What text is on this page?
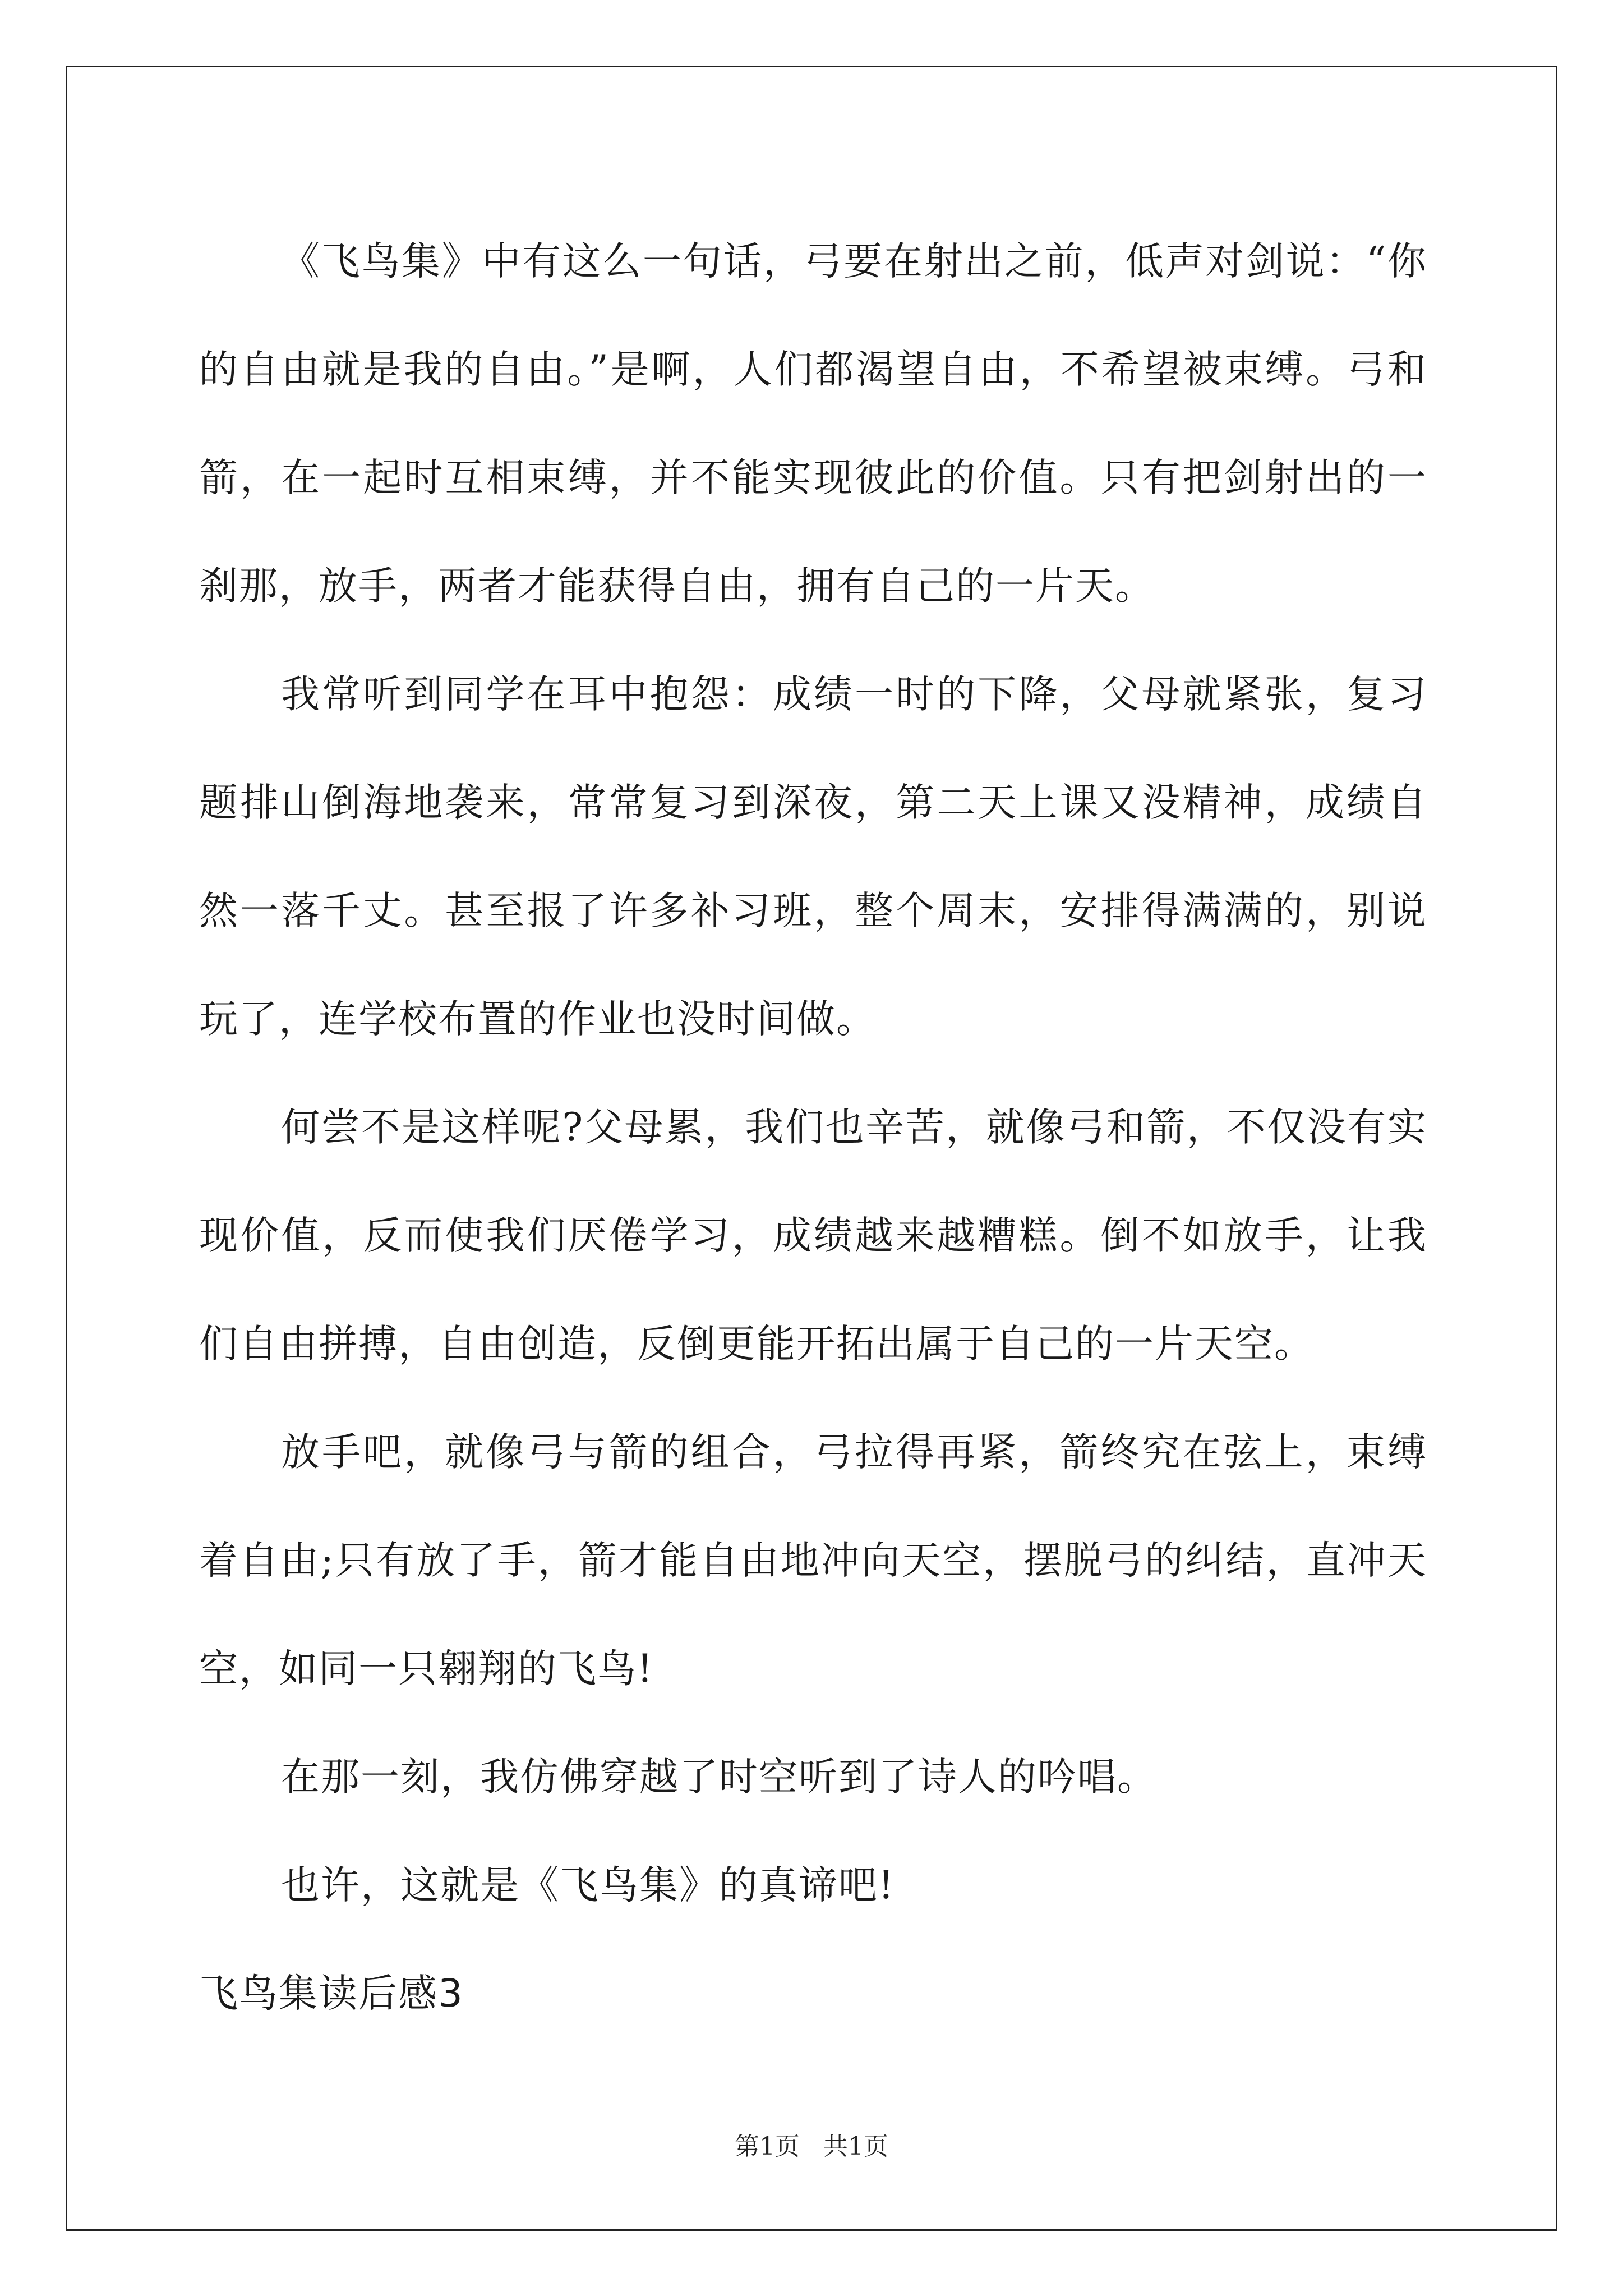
《飞鸟集》中有这么一句话，弓要在射出之前，低声对剑说：“你的自由就是我的自由。”是啊，人们都渴望自由，不希望被束缚。弓和箭，在一起时互相束缚，并不能实现彼此的价值。只有把剑射出的一刹那，放手，两者才能获得自由，拥有自己的一片天。

我常听到同学在耳中抱怨：成绩一时的下降，父母就紧张，复习题排山倒海地袭来，常常复习到深夜，第二天上课又没精神，成绩自然一落千丈。甚至报了许多补习班，整个周末，安排得满满的，别说玩了，连学校布置的作业也没时间做。

何尝不是这样呢?父母累，我们也辛苦，就像弓和箭，不仅没有实现价值，反而使我们厌倦学习，成绩越来越糟糕。倒不如放手，让我们自由拼搏，自由创造，反倒更能开拓出属于自己的一片天空。

放手吧，就像弓与箭的组合，弓拉得再紧，箭终究在弦上，束缚着自由;只有放了手，箭才能自由地冲向天空，摆脱弓的纠结，直冲天空，如同一只翱翔的飞鸟!

在那一刻，我仿佛穿越了时空听到了诗人的吟唱。

也许，这就是《飞鸟集》的真谛吧!

飞鸟集读后感3

第1页   共1页
